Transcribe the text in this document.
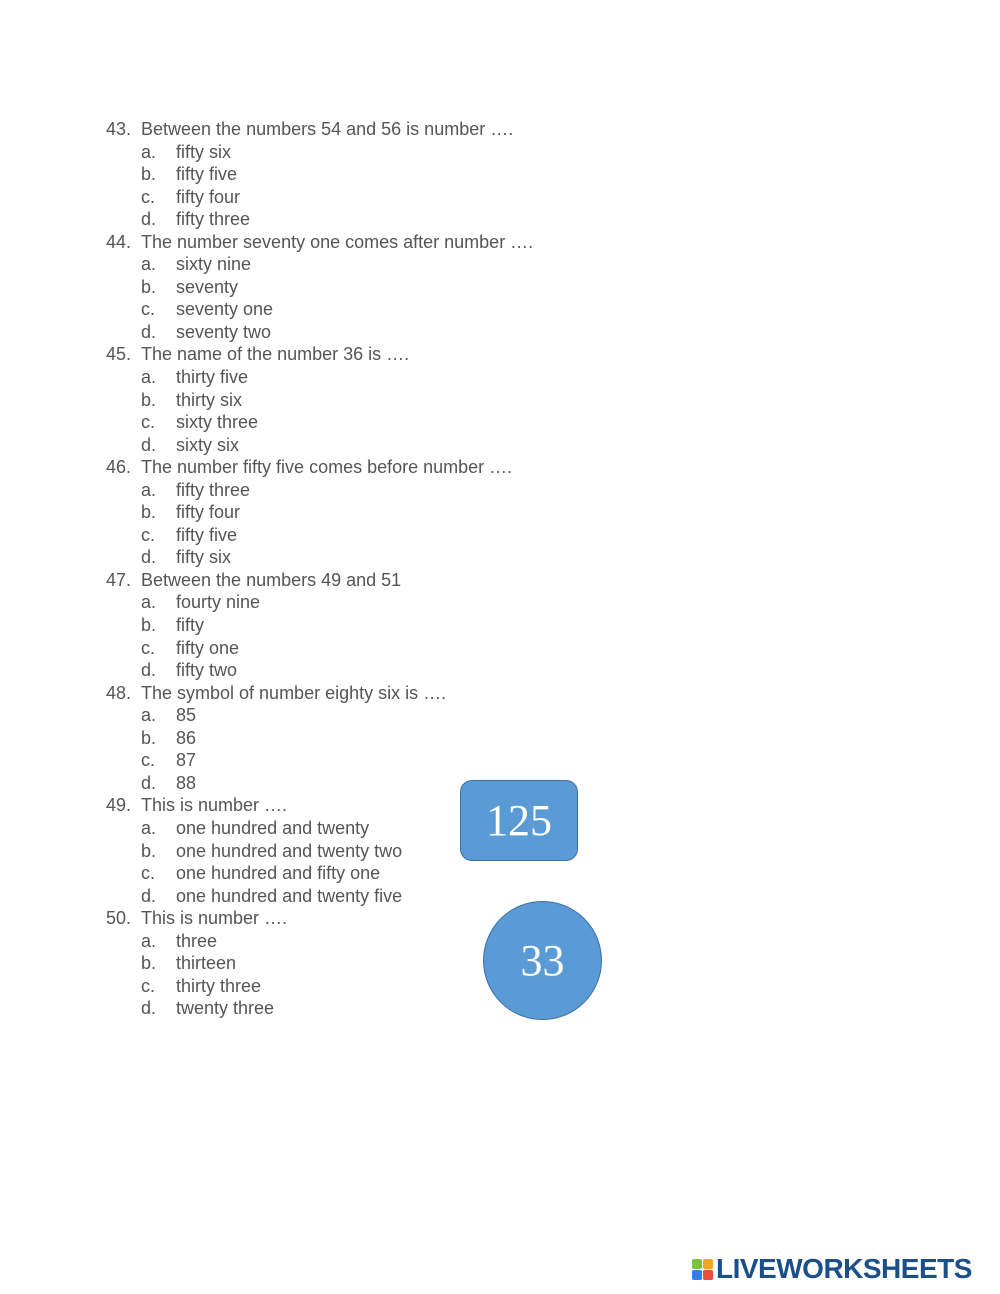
43. Between the numbers 54 and 56 is number ….
a.	fifty six
b.	fifty five
c.	fifty four
d.	fifty three
44. The number seventy one comes after number ….
a.	sixty nine
b.	seventy
c.	seventy one
d.	seventy two
45. The name of the number 36 is ….
a.	thirty five
b.	thirty six
c.	sixty three
d.	sixty six
46. The number fifty five comes before number ….
a.	fifty three
b.	fifty four
c.	fifty five
d.	fifty six
47. Between the numbers 49 and 51
a.	fourty nine
b.	fifty
c.	fifty one
d.	fifty two
48. The symbol of number eighty six is ….
a.	85
b.	86
c.	87
d.	88
49. This is number ….
a.	one hundred and twenty
b.	one hundred and twenty two
c.	one hundred and fifty one
d.	one hundred and twenty five
50. This is number ….
a.	three
b.	thirteen
c.	thirty three
d.	twenty three
125
33
LIVEWORKSHEETS
